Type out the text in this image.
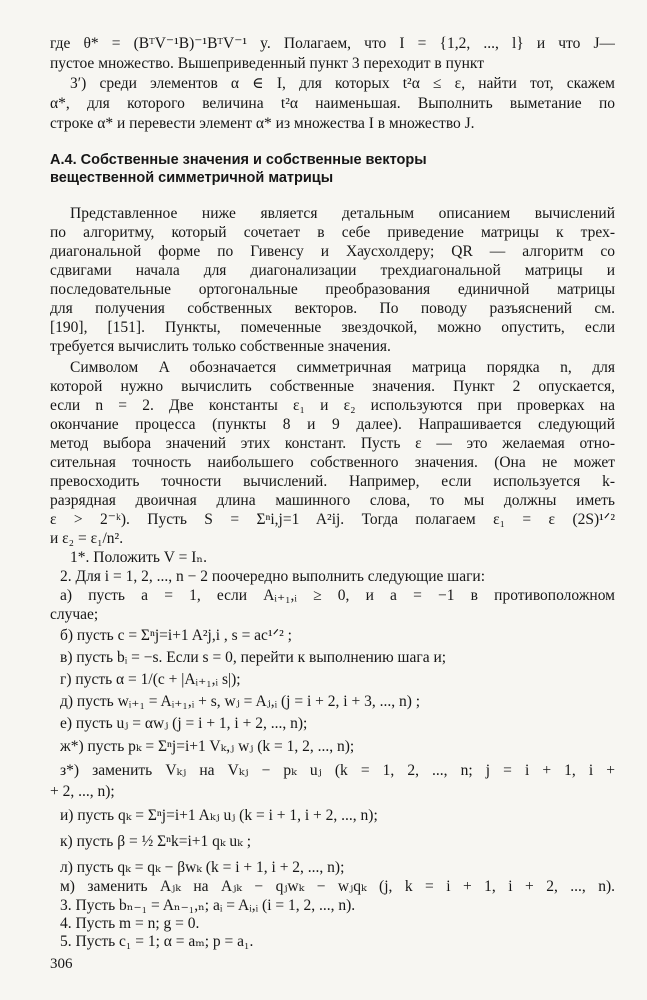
где θ* = (BᵀV⁻¹B)⁻¹BᵀV⁻¹ y. Полагаем, что I = {1,2, ..., l} и что J—
пустое множество. Вышеприведенный пункт 3 переходит в пункт
3′) среди элементов α ∈ I, для которых t²α ≤ ε, найти тот, скажем
α*, для которого величина t²α наименьшая. Выполнить выметание по
строке α* и перевести элемент α* из множества I в множество J.
А.4. Собственные значения и собственные векторы
вещественной симметричной матрицы
Представленное ниже является детальным описанием вычислений
по алгоритму, который сочетает в себе приведение матрицы к трех-
диагональной форме по Гивенсу и Хаусхолдеру; QR — алгоритм со
сдвигами начала для диагонализации трехдиагональной матрицы и
последовательные ортогональные преобразования единичной матрицы
для получения собственных векторов. По поводу разъяснений см.
[190], [151]. Пункты, помеченные звездочкой, можно опустить, если
требуется вычислить только собственные значения.
Символом A обозначается симметричная матрица порядка n, для
которой нужно вычислить собственные значения. Пункт 2 опускается,
если n = 2. Две константы ε₁ и ε₂ используются при проверках на
окончание процесса (пункты 8 и 9 далее). Напрашивается следующий
метод выбора значений этих констант. Пусть ε — это желаемая отно-
сительная точность наибольшего собственного значения. (Она не может
превосходить точности вычислений. Например, если используется k-
разрядная двоичная длина машинного слова, то мы должны иметь
ε > 2⁻ᵏ). Пусть S = Σⁿi,j=1 A²ij. Тогда полагаем ε₁ = ε (2S)¹ᐟ²
и ε₂ = ε₁/n².
1*. Положить V = Iₙ.
2. Для i = 1, 2, ..., n − 2 поочередно выполнить следующие шаги:
а) пусть a = 1, если Aᵢ₊₁,ᵢ ≥ 0, и a = −1 в противоположном
случае;
б) пусть c = Σⁿj=i+1 A²j,i , s = ac¹ᐟ² ;
в) пусть bᵢ = −s. Если s = 0, перейти к выполнению шага и;
г) пусть α = 1/(c + |Aᵢ₊₁,ᵢ s|);
д) пусть wᵢ₊₁ = Aᵢ₊₁,ᵢ + s, wⱼ = Aⱼ,ᵢ (j = i + 2, i + 3, ..., n) ;
е) пусть uⱼ = αwⱼ (j = i + 1, i + 2, ..., n);
ж*) пусть pₖ = Σⁿj=i+1 Vₖ,ⱼ wⱼ (k = 1, 2, ..., n);
з*) заменить Vₖⱼ на Vₖⱼ − pₖ uⱼ (k = 1, 2, ..., n; j = i + 1, i +
+ 2, ..., n);
и) пусть qₖ = Σⁿj=i+1 Aₖⱼ uⱼ (k = i + 1, i + 2, ..., n);
к) пусть β = ½ Σⁿk=i+1 qₖ uₖ ;
л) пусть qₖ = qₖ − βwₖ (k = i + 1, i + 2, ..., n);
м) заменить Aⱼₖ на Aⱼₖ − qⱼwₖ − wⱼqₖ (j, k = i + 1, i + 2, ..., n).
3. Пусть bₙ₋₁ = Aₙ₋₁,ₙ; aᵢ = Aᵢ,ᵢ (i = 1, 2, ..., n).
4. Пусть m = n; g = 0.
5. Пусть c₁ = 1; α = aₘ; p = a₁.
306
